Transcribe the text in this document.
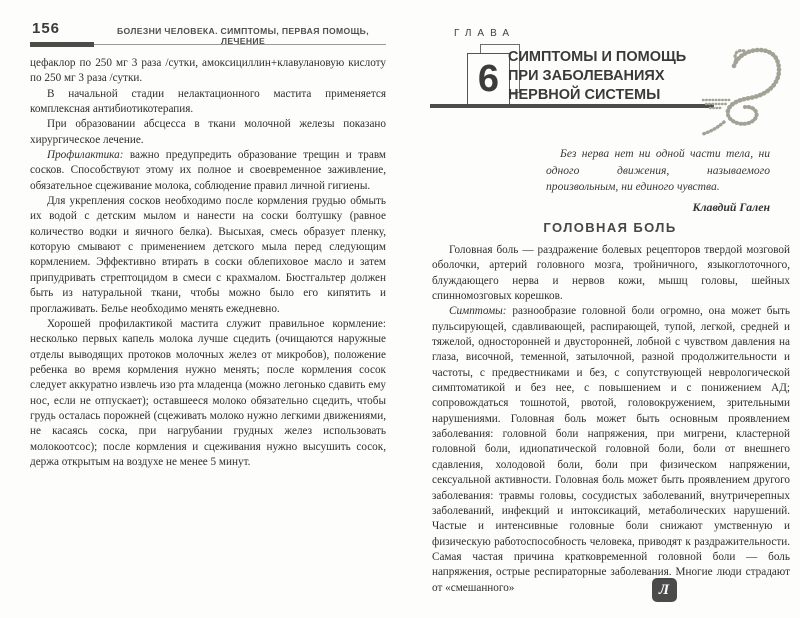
156	БОЛЕЗНИ ЧЕЛОВЕКА. СИМПТОМЫ, ПЕРВАЯ ПОМОЩЬ, ЛЕЧЕНИЕ

цефаклор по 250 мг 3 раза /сутки, амоксициллин+клавулановую кислоту по 250 мг 3 раза /сутки.

В начальной стадии нелактационного мастита применяется комплексная антибиотикотерапия.

При образовании абсцесса в ткани молочной железы показано хирургическое лечение.

Профилактика: важно предупредить образование трещин и травм сосков. Способствуют этому их полное и своевременное заживление, обязательное сцеживание молока, соблюдение правил личной гигиены.

Для укрепления сосков необходимо после кормления грудью обмыть их водой с детским мылом и нанести на соски болтушку (равное количество водки и яичного белка). Высыхая, смесь образует пленку, которую смывают с применением детского мыла перед следующим кормлением. Эффективно втирать в соски облепиховое масло и затем припудривать стрептоцидом в смеси с крахмалом. Бюстгальтер должен быть из натуральной ткани, чтобы можно было его кипятить и проглаживать. Белье необходимо менять ежедневно.

Хорошей профилактикой мастита служит правильное кормление: несколько первых капель молока лучше сцедить (очищаются наружные отделы выводящих протоков молочных желез от микробов), положение ребенка во время кормления нужно менять; после кормления сосок следует аккуратно извлечь изо рта младенца (можно легонько сдавить ему нос, если не отпускает); оставшееся молоко обязательно сцедить, чтобы грудь осталась порожней (сцеживать молоко нужно легкими движениями, не касаясь соска, при нагрубании грудных желез использовать молокоотсос); после кормления и сцеживания нужно высушить сосок, держа открытым на воздухе не менее 5 минут.

ГЛАВА
6
СИМПТОМЫ И ПОМОЩЬ
ПРИ ЗАБОЛЕВАНИЯХ
НЕРВНОЙ СИСТЕМЫ

Без нерва нет ни одной части тела, ни одного движения, называемого произвольным, ни единого чувства.

Клавдий Гален

ГОЛОВНАЯ БОЛЬ

Головная боль — раздражение болевых рецепторов твердой мозговой оболочки, артерий головного мозга, тройничного, языкоглоточного, блуждающего нерва и нервов кожи, мышц головы, шейных спинномозговых корешков.

Симптомы: разнообразие головной боли огромно, она может быть пульсирующей, сдавливающей, распирающей, тупой, легкой, средней и тяжелой, односторонней и двусторонней, лобной с чувством давления на глаза, височной, теменной, затылочной, разной продолжительности и частоты, с предвестниками и без, с сопутствующей неврологической симптоматикой и без нее, с повышением и с понижением АД; сопровождаться тошнотой, рвотой, головокружением, зрительными нарушениями. Головная боль может быть основным проявлением заболевания: головной боли напряжения, при мигрени, кластерной головной боли, идиопатической головной боли, боли от внешнего сдавления, холодовой боли, боли при физическом напряжении, сексуальной активности. Головная боль может быть проявлением другого заболевания: травмы головы, сосудистых заболеваний, внутричерепных заболеваний, инфекций и интоксикаций, метаболических нарушений. Частые и интенсивные головные боли снижают умственную и физическую работоспособность человека, приводят к раздражительности. Самая частая причина кратковременной головной боли — боль напряжения, острые респираторные заболевания. Многие люди страдают от «смешанного»	Л
